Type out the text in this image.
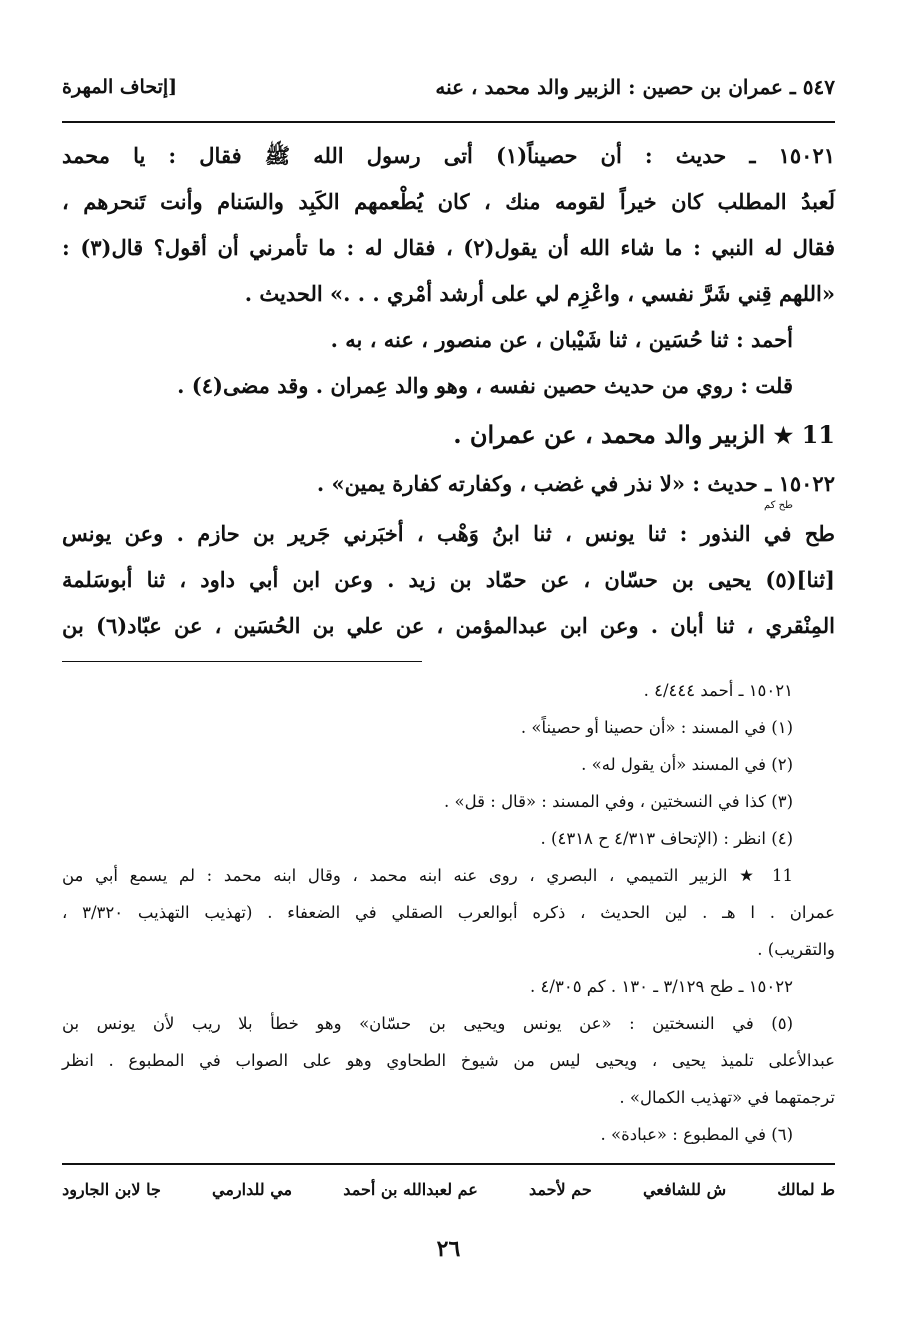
٥٤٧ ـ عمران بن حصين : الزبير والد محمد ، عنه
[إتحاف المهرة
١٥٠٢١ ـ حديث : أن حصيناً(١) أتى رسول الله ﷺ فقال : يا محمد
لَعبدُ المطلب كان خيراً لقومه منك ، كان يُطْعمهم الكَبِد والسَنام وأنت تَنحرهم ،
فقال له النبي : ما شاء الله أن يقول(٢) ، فقال له : ما تأمرني أن أقول؟ قال(٣) :
«اللهم قِني شَرَّ نفسي ، واعْزِم لي على أرشد أمْري . . .» الحديث .
أحمد : ثنا حُسَين ، ثنا شَيْبان ، عن منصور ، عنه ، به .
قلت : روي من حديث حصين نفسه ، وهو والد عِمران . وقد مضى(٤) .
11 ★ الزبير والد محمد ، عن عمران .
١٥٠٢٢ ـ حديث : «لا نذر في غضب ، وكفارته كفارة يمين» .
طح كم
طح في النذور : ثنا يونس ، ثنا ابنُ وَهْب ، أخبَرني جَرير بن حازم . وعن يونس
[ثنا](٥) يحيى بن حسّان ، عن حمّاد بن زيد . وعن ابن أبي داود ، ثنا أبوسَلمة
المِنْقري ، ثنا أبان . وعن ابن عبدالمؤمن ، عن علي بن الحُسَين ، عن عبّاد(٦) بن
١٥٠٢١ ـ أحمد ٤/٤٤٤ .
(١) في المسند : «أن حصينا أو حصيناً» .
(٢) في المسند «أن يقول له» .
(٣) كذا في النسختين ، وفي المسند : «قال : قل» .
(٤) انظر : (الإتحاف ٤/٣١٣ ح ٤٣١٨) .
11 ★ الزبير التميمي ، البصري ، روى عنه ابنه محمد ، وقال ابنه محمد : لم يسمع أبي من
عمران . ا هـ . لين الحديث ، ذكره أبوالعرب الصقلي في الضعفاء . (تهذيب التهذيب ٣/٣٢٠ ،
والتقريب) .
١٥٠٢٢ ـ طح ٣/١٢٩ ـ ١٣٠ . كم ٤/٣٠٥ .
(٥) في النسختين : «عن يونس ويحيى بن حسّان» وهو خطأ بلا ريب لأن يونس بن
عبدالأعلى تلميذ يحيى ، ويحيى ليس من شيوخ الطحاوي وهو على الصواب في المطبوع . انظر
ترجمتهما في «تهذيب الكمال» .
(٦) في المطبوع : «عبادة» .
ط لمالك
ش للشافعي
حم لأحمد
عم لعبدالله بن أحمد
مي للدارمي
جا لابن الجارود
٢٦
